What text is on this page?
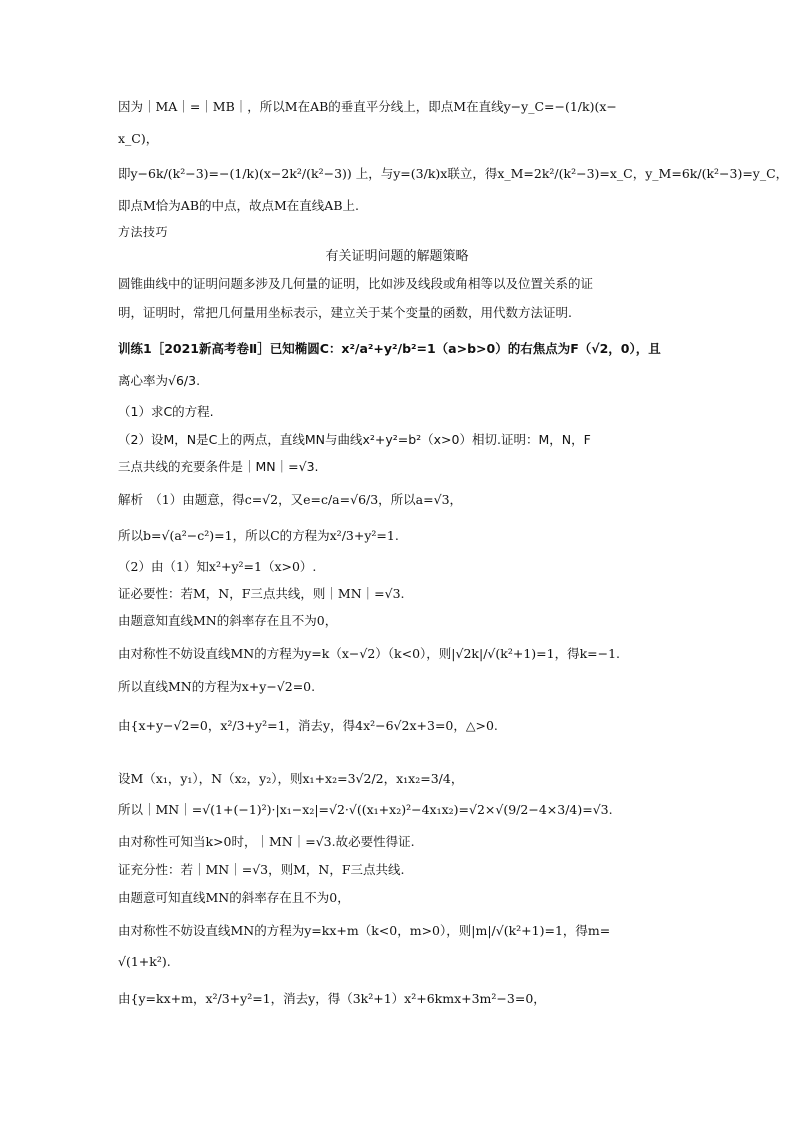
因为｜MA｜=｜MB｜，所以M在AB的垂直平分线上，即点M在直线y−y_C=−(1/k)(x−
x_C)，
即y−6k/(k²−3)=−(1/k)(x−2k²/(k²−3)) 上，与y=(3/k)x联立，得x_M=2k²/(k²−3)=x_C，y_M=6k/(k²−3)=y_C，
即点M恰为AB的中点，故点M在直线AB上.
方法技巧
有关证明问题的解题策略
圆锥曲线中的证明问题多涉及几何量的证明，比如涉及线段或角相等以及位置关系的证
明，证明时，常把几何量用坐标表示，建立关于某个变量的函数，用代数方法证明.
训练1［2021新高考卷Ⅱ］已知椭圆C：x²/a²+y²/b²=1（a>b>0）的右焦点为F（√2，0），且
离心率为√6/3.
（1）求C的方程.
（2）设M，N是C上的两点，直线MN与曲线x²+y²=b²（x>0）相切.证明：M，N，F
三点共线的充要条件是｜MN｜=√3.
解析　（1）由题意，得c=√2，又e=c/a=√6/3，所以a=√3，
所以b=√(a²−c²)=1，所以C的方程为x²/3+y²=1.
（2）由（1）知x²+y²=1（x>0）.
证必要性：若M，N，F三点共线，则｜MN｜=√3.
由题意知直线MN的斜率存在且不为0，
由对称性不妨设直线MN的方程为y=k（x−√2）（k<0），则|√2k|/√(k²+1)=1，得k=−1.
所以直线MN的方程为x+y−√2=0.
由{x+y−√2=0，x²/3+y²=1，消去y，得4x²−6√2x+3=0，△>0.
设M（x₁，y₁），N（x₂，y₂），则x₁+x₂=3√2/2，x₁x₂=3/4，
所以｜MN｜=√(1+(−1)²)·|x₁−x₂|=√2·√((x₁+x₂)²−4x₁x₂)=√2×√(9/2−4×3/4)=√3.
由对称性可知当k>0时，｜MN｜=√3.故必要性得证.
证充分性：若｜MN｜=√3，则M，N，F三点共线.
由题意可知直线MN的斜率存在且不为0，
由对称性不妨设直线MN的方程为y=kx+m（k<0，m>0），则|m|/√(k²+1)=1，得m=
√(1+k²).
由{y=kx+m，x²/3+y²=1，消去y，得（3k²+1）x²+6kmx+3m²−3=0，
